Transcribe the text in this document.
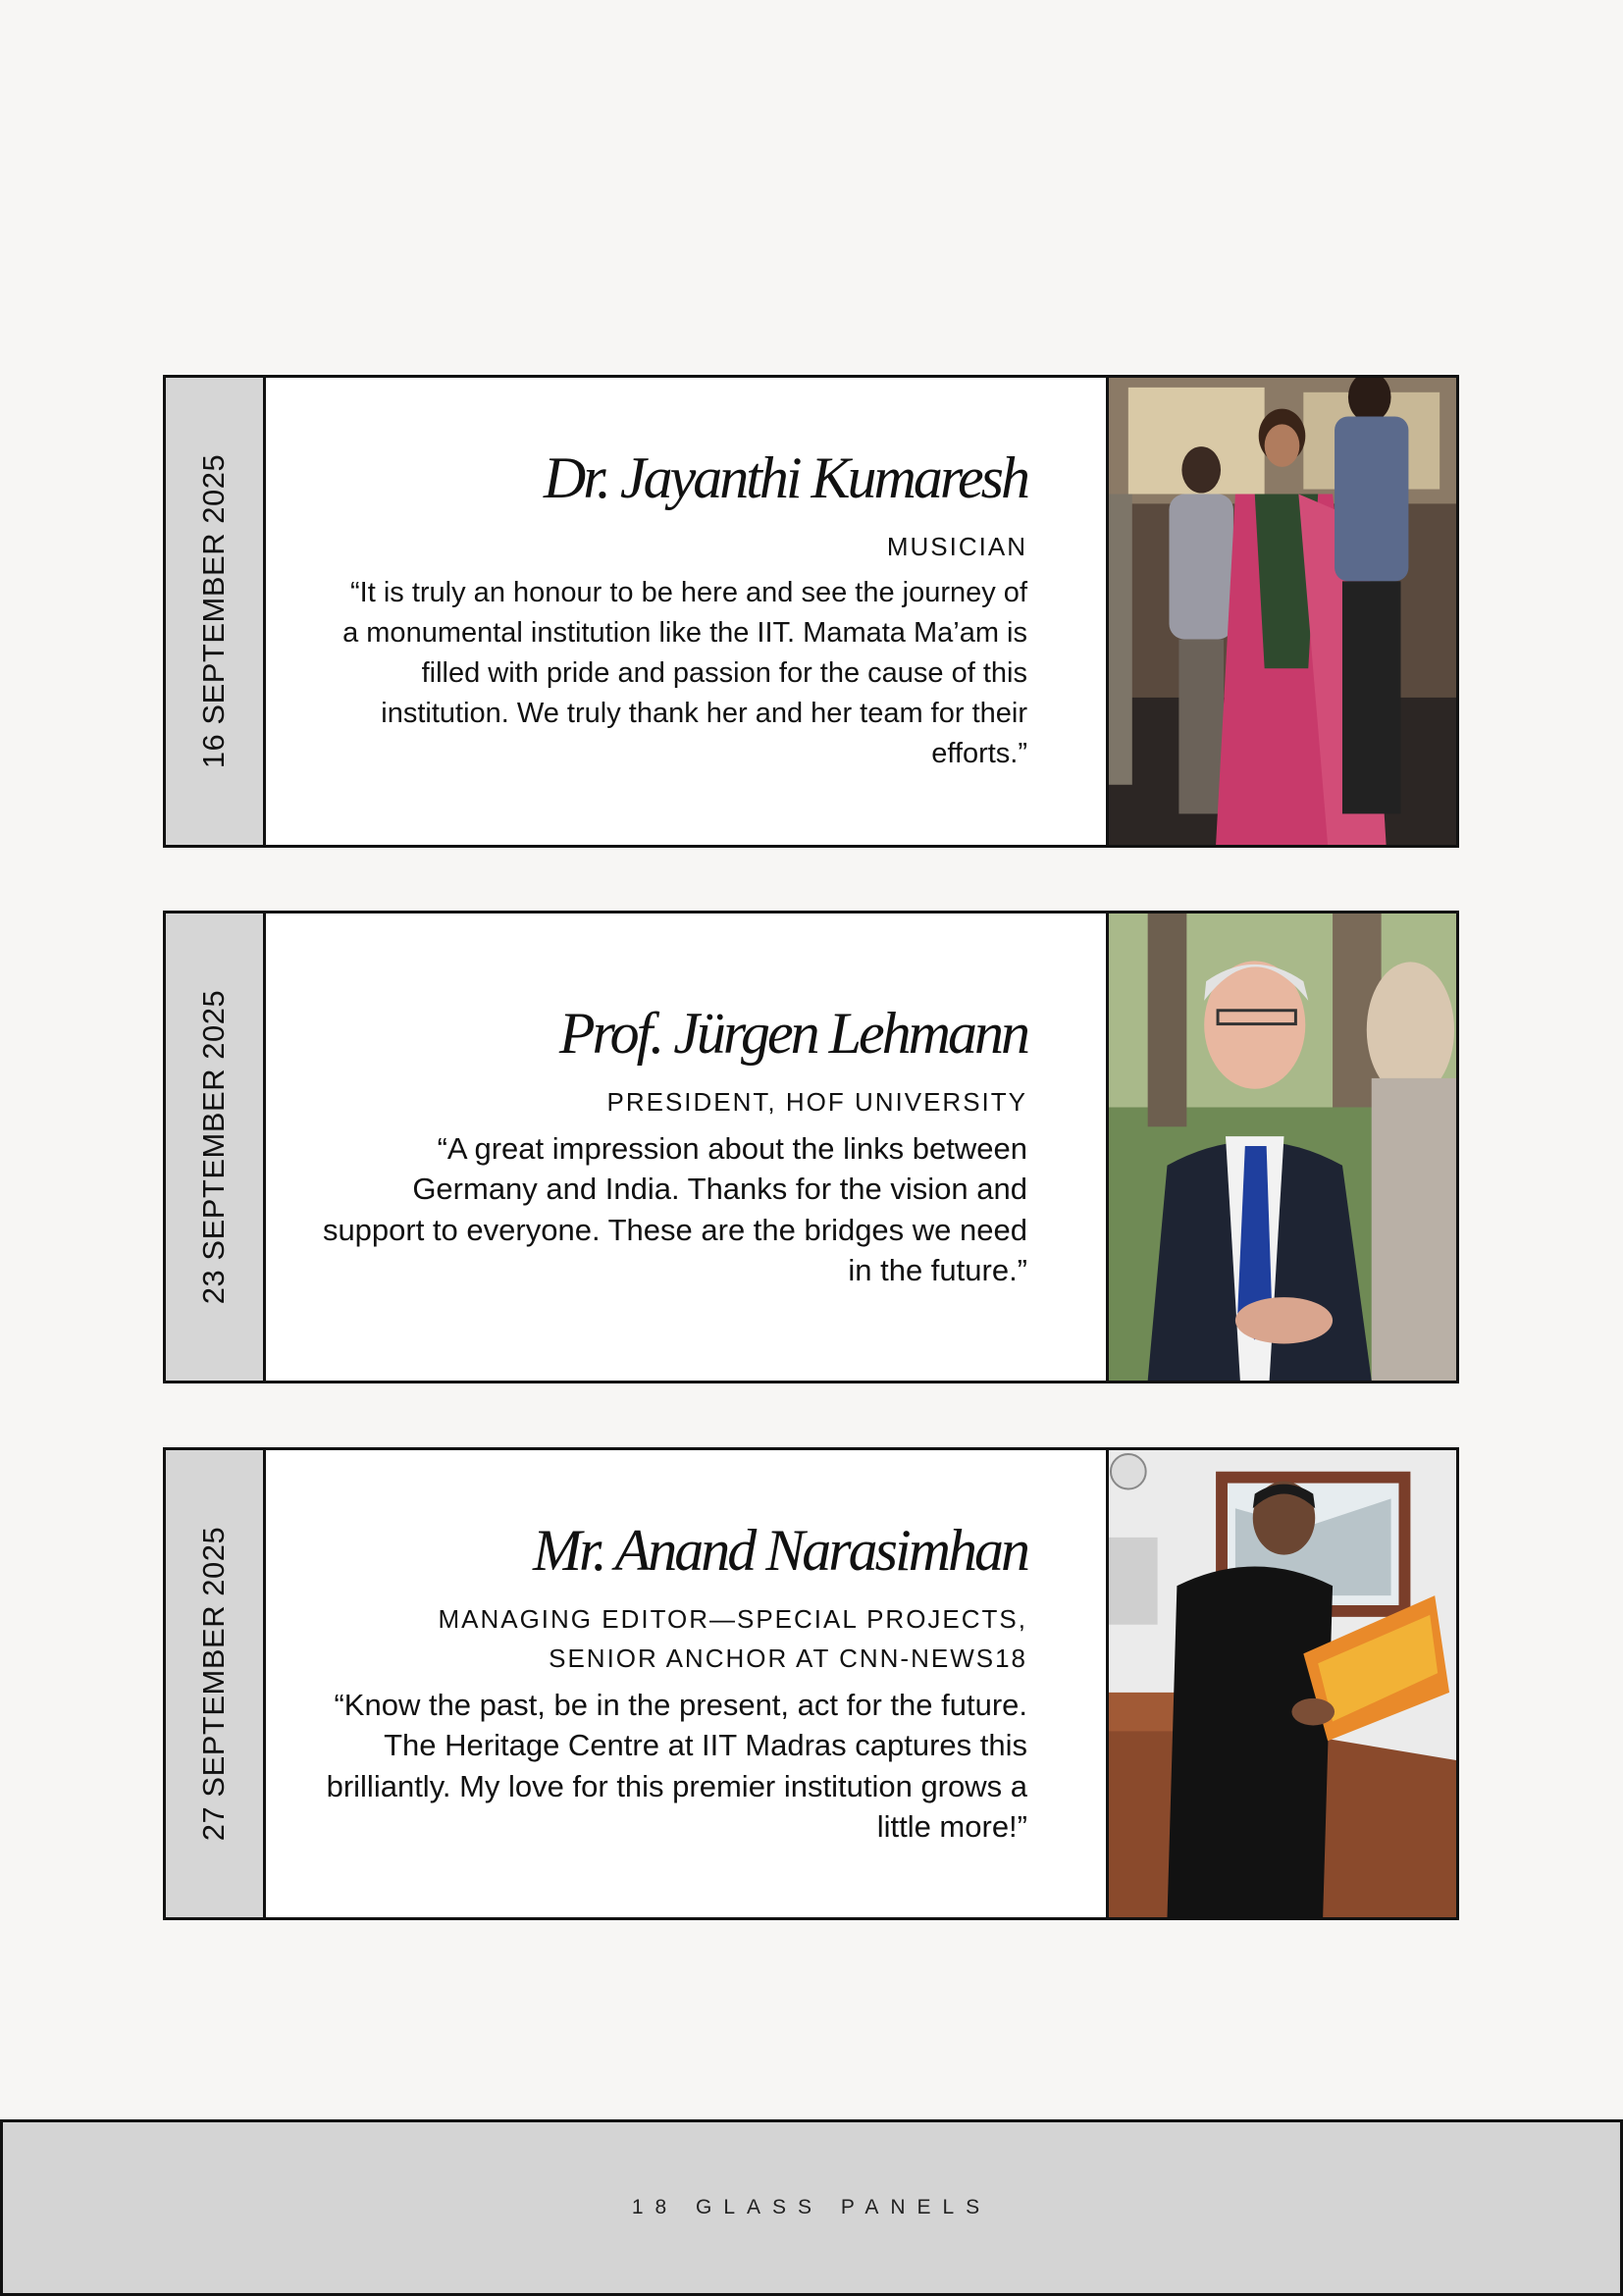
16 SEPTEMBER 2025	Dr. Jayanthi Kumaresh
MUSICIAN
“It is truly an honour to be here and see the journey of a monumental institution like the IIT. Mamata Ma’am is filled with pride and passion for the cause of this institution. We truly thank her and her team for their efforts.”
23 SEPTEMBER 2025	Prof. Jürgen Lehmann
PRESIDENT, HOF UNIVERSITY
“A great impression about the links between Germany and India. Thanks for the vision and support to everyone. These are the bridges we need in the future.”
27 SEPTEMBER 2025	Mr. Anand Narasimhan
MANAGING EDITOR—SPECIAL PROJECTS, SENIOR ANCHOR AT CNN-NEWS18
“Know the past, be in the present, act for the future. The Heritage Centre at IIT Madras captures this brilliantly. My love for this premier institution grows a little more!”
18 GLASS PANELS
